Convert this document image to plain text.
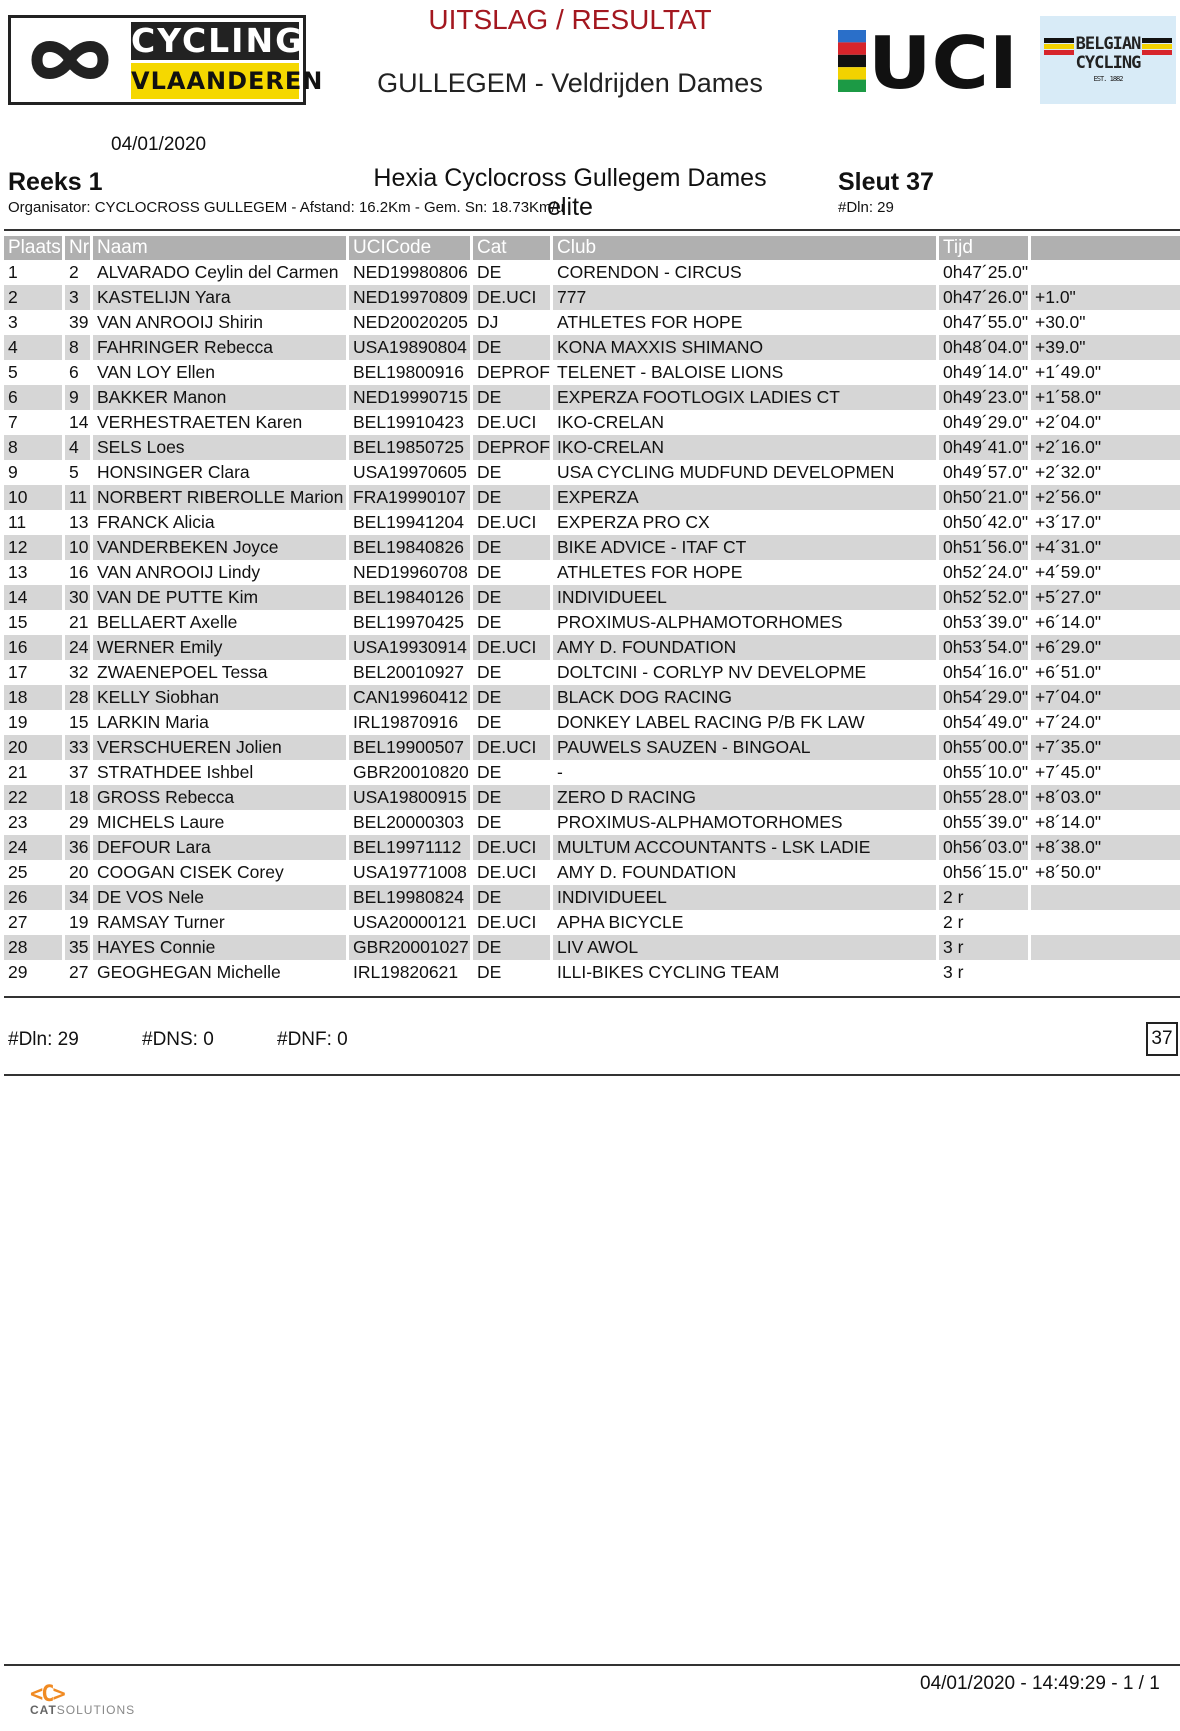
CYCLING
VLAANDEREN
UITSLAG / RESULTAT
GULLEGEM - Veldrijden Dames UCI	BELGIAN
CYCLING
EST. 1882
04/01/2020
Reeks 1	Hexia Cyclocross Gullegem Dames elite
Sleut 37
Organisator: CYCLOCROSS GULLEGEM - Afstand: 16.2Km - Gem. Sn: 18.73Km/u	#Dln: 29
Plaats	Nr	Naam	UCICode	Cat	Club	Tijd	
1	2	ALVARADO Ceylin del Carmen	NED19980806	DE	CORENDON - CIRCUS	0h47´25.0"	
2	3	KASTELIJN Yara	NED19970809	DE.UCI	777	0h47´26.0"	+1.0"
3	39	VAN ANROOIJ Shirin	NED20020205	DJ	ATHLETES FOR HOPE	0h47´55.0"	+30.0"
4	8	FAHRINGER Rebecca	USA19890804	DE	KONA MAXXIS SHIMANO	0h48´04.0"	+39.0"
5	6	VAN LOY Ellen	BEL19800916	DEPROF	TELENET - BALOISE LIONS	0h49´14.0"	+1´49.0"
6	9	BAKKER Manon	NED19990715	DE	EXPERZA FOOTLOGIX LADIES CT	0h49´23.0"	+1´58.0"
7	14	VERHESTRAETEN Karen	BEL19910423	DE.UCI	IKO-CRELAN	0h49´29.0"	+2´04.0"
8	4	SELS Loes	BEL19850725	DEPROF	IKO-CRELAN	0h49´41.0"	+2´16.0"
9	5	HONSINGER Clara	USA19970605	DE	USA CYCLING MUDFUND DEVELOPMEN	0h49´57.0"	+2´32.0"
10	11	NORBERT RIBEROLLE Marion	FRA19990107	DE	EXPERZA	0h50´21.0"	+2´56.0"
11	13	FRANCK Alicia	BEL19941204	DE.UCI	EXPERZA PRO CX	0h50´42.0"	+3´17.0"
12	10	VANDERBEKEN Joyce	BEL19840826	DE	BIKE ADVICE - ITAF CT	0h51´56.0"	+4´31.0"
13	16	VAN ANROOIJ Lindy	NED19960708	DE	ATHLETES FOR HOPE	0h52´24.0"	+4´59.0"
14	30	VAN DE PUTTE Kim	BEL19840126	DE	INDIVIDUEEL	0h52´52.0"	+5´27.0"
15	21	BELLAERT Axelle	BEL19970425	DE	PROXIMUS-ALPHAMOTORHOMES	0h53´39.0"	+6´14.0"
16	24	WERNER Emily	USA19930914	DE.UCI	AMY D. FOUNDATION	0h53´54.0"	+6´29.0"
17	32	ZWAENEPOEL Tessa	BEL20010927	DE	DOLTCINI - CORLYP NV DEVELOPME	0h54´16.0"	+6´51.0"
18	28	KELLY Siobhan	CAN19960412	DE	BLACK DOG RACING	0h54´29.0"	+7´04.0"
19	15	LARKIN Maria	IRL19870916	DE	DONKEY LABEL RACING P/B FK LAW	0h54´49.0"	+7´24.0"
20	33	VERSCHUEREN Jolien	BEL19900507	DE.UCI	PAUWELS SAUZEN - BINGOAL	0h55´00.0"	+7´35.0"
21	37	STRATHDEE Ishbel	GBR20010820	DE	-	0h55´10.0"	+7´45.0"
22	18	GROSS Rebecca	USA19800915	DE	ZERO D RACING	0h55´28.0"	+8´03.0"
23	29	MICHELS Laure	BEL20000303	DE	PROXIMUS-ALPHAMOTORHOMES	0h55´39.0"	+8´14.0"
24	36	DEFOUR Lara	BEL19971112	DE.UCI	MULTUM ACCOUNTANTS - LSK LADIE	0h56´03.0"	+8´38.0"
25	20	COOGAN CISEK Corey	USA19771008	DE.UCI	AMY D. FOUNDATION	0h56´15.0"	+8´50.0"
26	34	DE VOS Nele	BEL19980824	DE	INDIVIDUEEL	2 r	
27	19	RAMSAY Turner	USA20000121	DE.UCI	APHA BICYCLE	2 r	
28	35	HAYES Connie	GBR20001027	DE	LIV AWOL	3 r	
29	27	GEOGHEGAN Michelle	IRL19820621	DE	ILLI-BIKES CYCLING TEAM	3 r	
#Dln: 29	#DNS: 0	#DNF: 0	37
<C>
CATSOLUTIONS
04/01/2020 - 14:49:29 - 1 / 1
